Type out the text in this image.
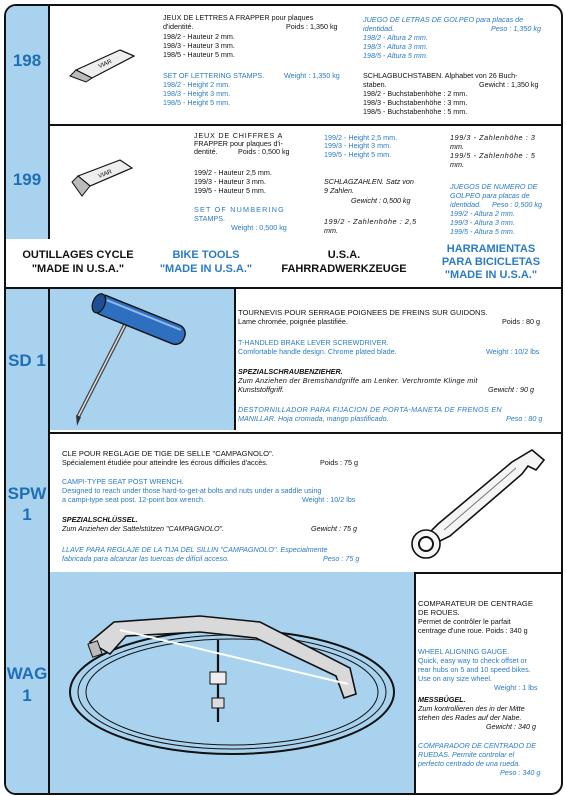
198	VIAR
JEUX DE LETTRES A FRAPPER pour plaques
d'identité.	Poids : 1,350 kg
198/2 - Hauteur 2 mm.
198/3 - Hauteur 3 mm.
198/5 - Hauteur 5 mm.
SET OF LETTERING STAMPS.	Weight : 1,350 kg
198/2 - Height 2 mm.
198/3 - Height 3 mm.
198/5 - Height 5 mm.
JUEGO DE LETRAS DE GOLPEO para placas de
identidad.	Peso : 1,350 kg
198/2 - Altura 2 mm.
198/3 - Altura 3 mm.
198/5 - Altura 5 mm.
SCHLAGBUCHSTABEN. Alphabet von 26 Buch-
staben.	Gewicht : 1,350 kg
198/2 - Buchstabenhöhe : 2 mm.
198/3 - Buchstabenhöhe : 3 mm.
198/5 - Buchstabenhöhe : 5 mm.
199	VIAR
JEUX DE CHIFFRES A
FRAPPER pour plaques d'i-
dentité.	Poids : 0,500 kg
199/2 - Hauteur 2,5 mm.
199/3 - Hauteur 3 mm.
199/5 - Hauteur 5 mm.
SET OF NUMBERING
STAMPS.
Weight : 0,500 kg
199/2 - Height 2,5 mm.
199/3 - Height 3 mm.
199/5 - Height 5 mm.
SCHLAGZAHLEN. Satz von
9 Zahlen.
Gewicht : 0,500 kg
199/2 - Zahlenhöhe : 2,5
mm.
199/3 - Zahlenhöhe : 3
mm.
199/5 - Zahlenhöhe : 5
mm.
JUEGOS DE NUMERO DE
GOLPEO para placas de
identidad. Peso : 0,500 kg
199/2 - Altura 2 mm.
199/3 - Altura 3 mm.
199/5 - Altura 5 mm.
OUTILLAGES CYCLE
"MADE IN U.S.A."
BIKE TOOLS
"MADE IN U.S.A."
U.S.A.
FAHRRADWERKZEUGE
HARRAMIENTAS
PARA BICICLETAS
"MADE IN U.S.A."
SD 1
TOURNEVIS POUR SERRAGE POIGNEES DE FREINS SUR GUIDONS.
Lame chromée, poignée plastifiée.	Poids : 80 g
T-HANDLED BRAKE LEVER SCREWDRIVER.
Comfortable handle design. Chrome plated blade.	Weight : 10/2 lbs
SPEZIALSCHRAUBENZIEHER.
Zum Anziehen der Bremshandgriffe am Lenker. Verchromte Klinge mit
Kunststoffgriff.	Gewicht : 90 g
DESTORNILLADOR PARA FIJACION DE PORTA-MANETA DE FRENOS EN
MANILLAR. Hoja cromada, mango plastificado.	Peso : 80 g
SPW
1
CLE POUR REGLAGE DE TIGE DE SELLE "CAMPAGNOLO".
Spécialement étudiée pour atteindre les écrous difficiles d'accès.	Poids : 75 g
CAMPI-TYPE SEAT POST WRENCH.
Designed to reach under those hard-to-get-at bolts and nuts under a saddle using
a campi-type seat post. 12-point box wrench.	Weight : 10/2 lbs
SPEZIALSCHLÜSSEL.
Zum Anziehen der Sattelstützen "CAMPAGNOLO".	Gewicht : 75 g
LLAVE PARA REGLAJE DE LA TIJA DEL SILLIN "CAMPAGNOLO". Especialmente
fabricada para alcanzar las tuercas de difícil acceso.	Peso : 75 g
WAG
1
COMPARATEUR DE CENTRAGE
DE ROUES.
Permet de contrôler le parfait
centrage d'une roue. Poids : 340 g
WHEEL ALIGNING GAUGE.
Quick, easy way to check offset or
rear hubs on 5 and 10 speed bikes.
Use on any size wheel.
Weight : 1 lbs
MESSBÜGEL.
Zum kontrollieren des in der Mitte
stehen des Rades auf der Nabe.
Gewicht : 340 g
COMPARADOR DE CENTRADO DE
RUEDAS. Permite controlar el
perfecto centrado de una rueda.
Peso : 340 g
